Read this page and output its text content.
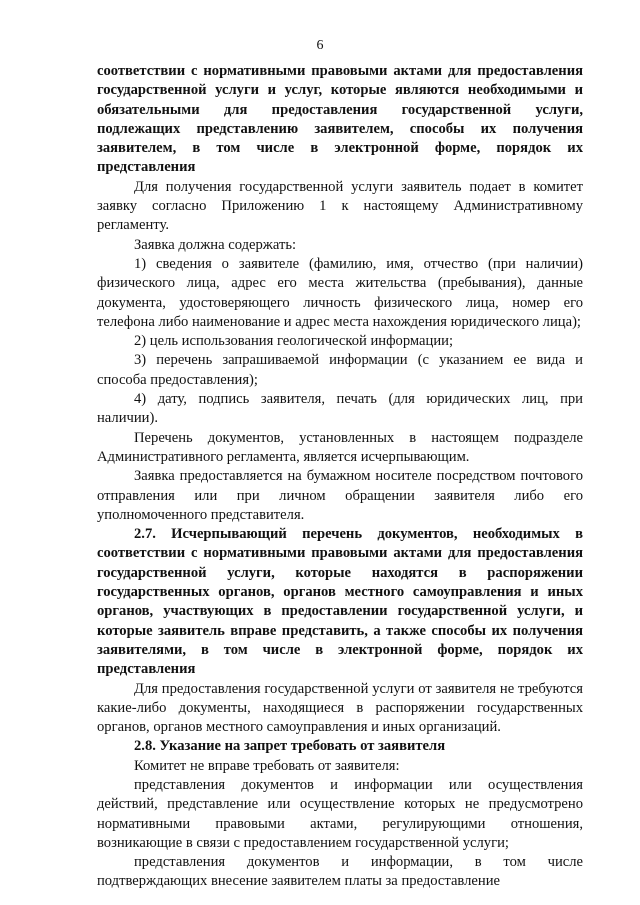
6

соответствии с нормативными правовыми актами для предоставления государственной услуги и услуг, которые являются необходимыми и обязательными для предоставления государственной услуги, подлежащих представлению заявителем, способы их получения заявителем, в том числе в электронной форме, порядок их представления

Для получения государственной услуги заявитель подает в комитет заявку согласно Приложению 1 к настоящему Административному регламенту.

Заявка должна содержать:

1) сведения о заявителе (фамилию, имя, отчество (при наличии) физического лица, адрес его места жительства (пребывания), данные документа, удостоверяющего личность физического лица, номер его телефона либо наименование и адрес места нахождения юридического лица);

2) цель использования геологической информации;

3) перечень запрашиваемой информации (с указанием ее вида и способа предоставления);

4) дату, подпись заявителя, печать (для юридических лиц, при наличии).

Перечень документов, установленных в настоящем подразделе Административного регламента, является исчерпывающим.

Заявка предоставляется на бумажном носителе посредством почтового отправления или при личном обращении заявителя либо его уполномоченного представителя.

2.7. Исчерпывающий перечень документов, необходимых в соответствии с нормативными правовыми актами для предоставления государственной услуги, которые находятся в распоряжении государственных органов, органов местного самоуправления и иных органов, участвующих в предоставлении государственной услуги, и которые заявитель вправе представить, а также способы их получения заявителями, в том числе в электронной форме, порядок их представления

Для предоставления государственной услуги от заявителя не требуются какие-либо документы, находящиеся в распоряжении государственных органов, органов местного самоуправления и иных организаций.

2.8. Указание на запрет требовать от заявителя

Комитет не вправе требовать от заявителя:

представления документов и информации или осуществления действий, представление или осуществление которых не предусмотрено нормативными правовыми актами, регулирующими отношения, возникающие в связи с предоставлением государственной услуги;

представления документов и информации, в том числе подтверждающих внесение заявителем платы за предоставление
